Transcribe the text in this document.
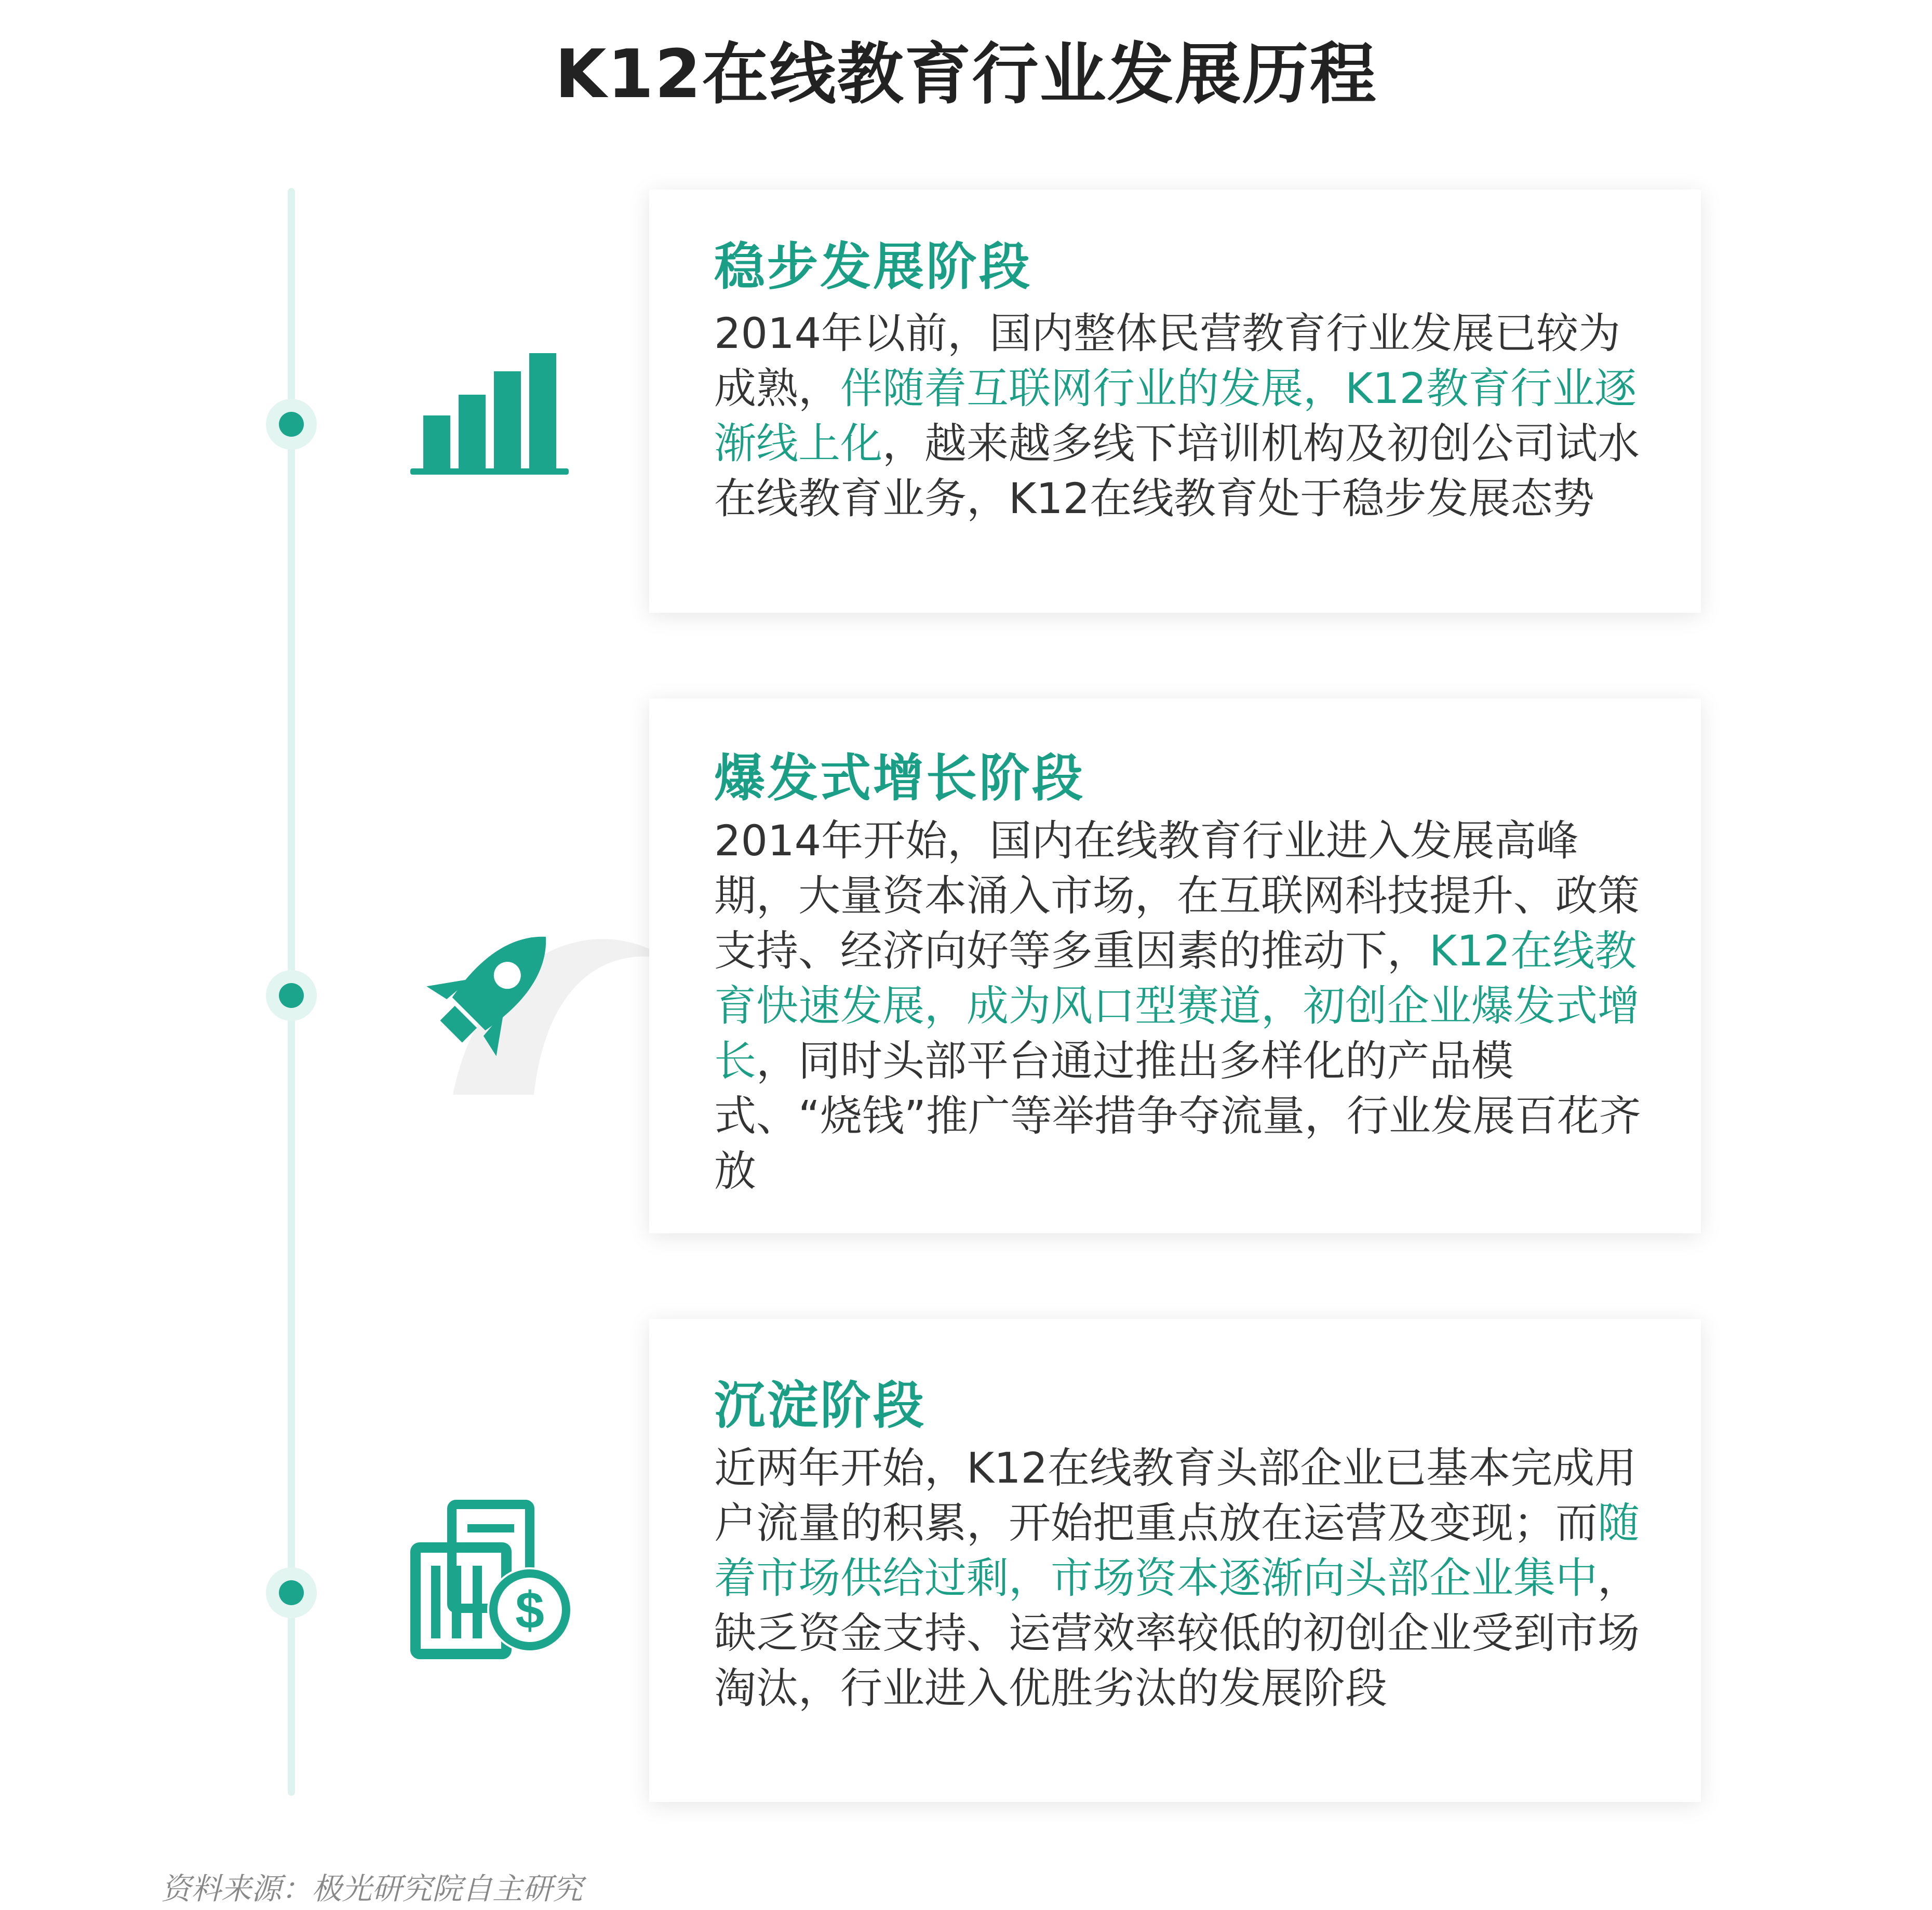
K12在线教育行业发展历程
稳步发展阶段
2014年以前，国内整体民营教育行业发展已较为成熟，伴随着互联网行业的发展，K12教育行业逐渐线上化，越来越多线下培训机构及初创公司试水在线教育业务，K12在线教育处于稳步发展态势
爆发式增长阶段
2014年开始，国内在线教育行业进入发展高峰期，大量资本涌入市场，在互联网科技提升、政策支持、经济向好等多重因素的推动下，K12在线教育快速发展，成为风口型赛道，初创企业爆发式增长，同时头部平台通过推出多样化的产品模式、“烧钱”推广等举措争夺流量，行业发展百花齐放
$
沉淀阶段
近两年开始，K12在线教育头部企业已基本完成用户流量的积累，开始把重点放在运营及变现；而随着市场供给过剩，市场资本逐渐向头部企业集中，缺乏资金支持、运营效率较低的初创企业受到市场淘汰，行业进入优胜劣汰的发展阶段
资料来源：极光研究院自主研究
